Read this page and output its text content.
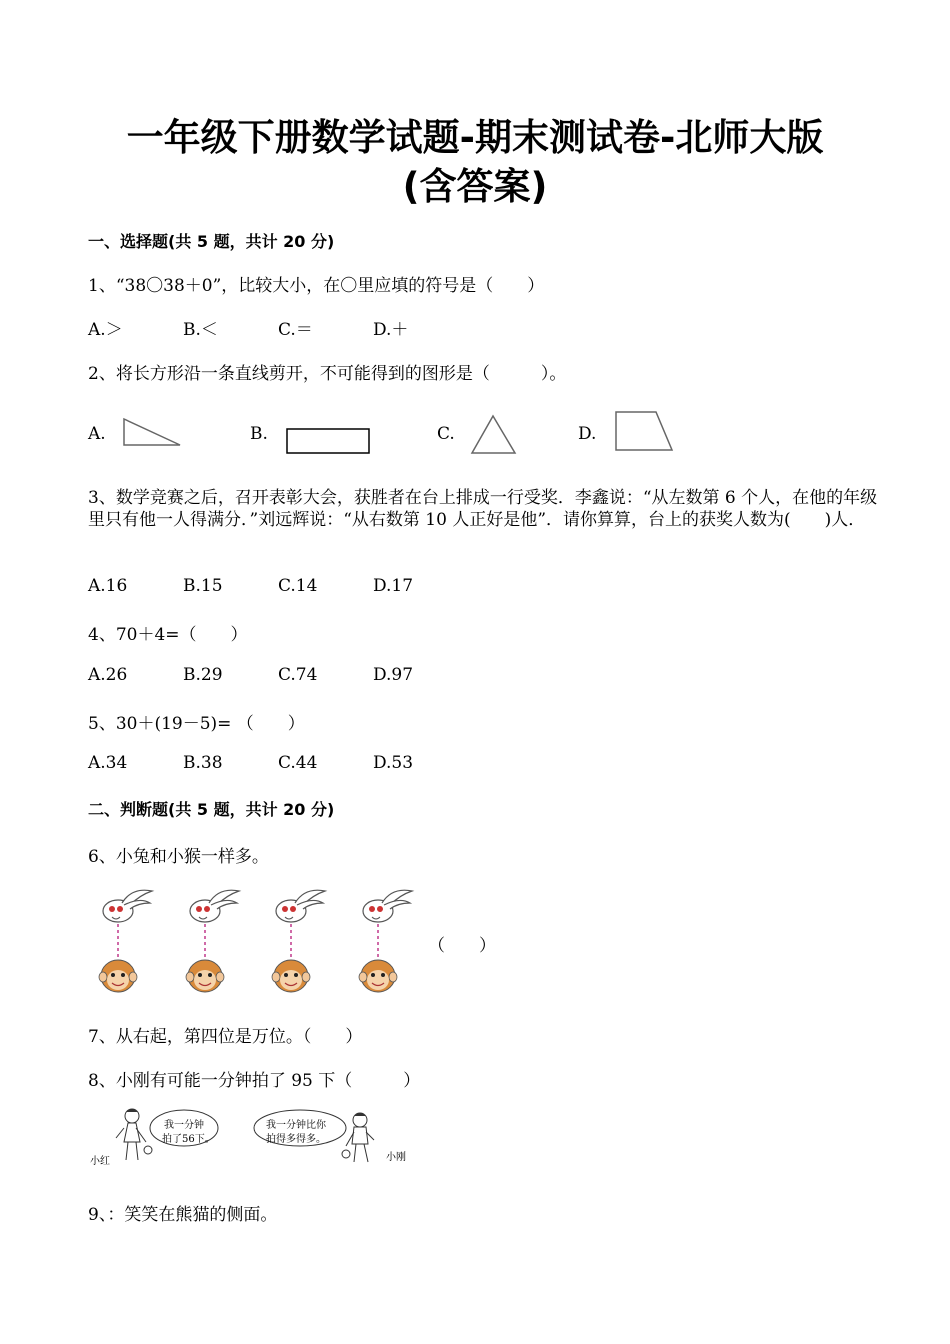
一年级下册数学试题-期末测试卷-北师大版
(含答案)
一、选择题(共 5 题，共计 20 分)
1、“38〇38＋0”，比较大小，在〇里应填的符号是（　　）
A.＞	B.＜	C.＝	D.＋
2、将长方形沿一条直线剪开，不可能得到的图形是（　　　）。
A.	B.	C.	D.
3、数学竞赛之后，召开表彰大会，获胜者在台上排成一行受奖．李鑫说：“从左数第 6 个人，在他的年级里只有他一人得满分．”刘远辉说：“从右数第 10 人正好是他”．请你算算，台上的获奖人数为(　　)人．
A.16	B.15	C.14	D.17
4、70＋4=（　　）
A.26	B.29	C.74	D.97
5、30＋(19－5)= （　　）
A.34	B.38	C.44	D.53
二、判断题(共 5 题，共计 20 分)
6、小兔和小猴一样多。
（　　）
7、从右起，第四位是万位。（　　）
8、小刚有可能一分钟拍了 95 下（　　　）
我一分钟
拍了56下。
我一分钟比你
拍得多得多。
小红	小刚
9、：笑笑在熊猫的侧面。
